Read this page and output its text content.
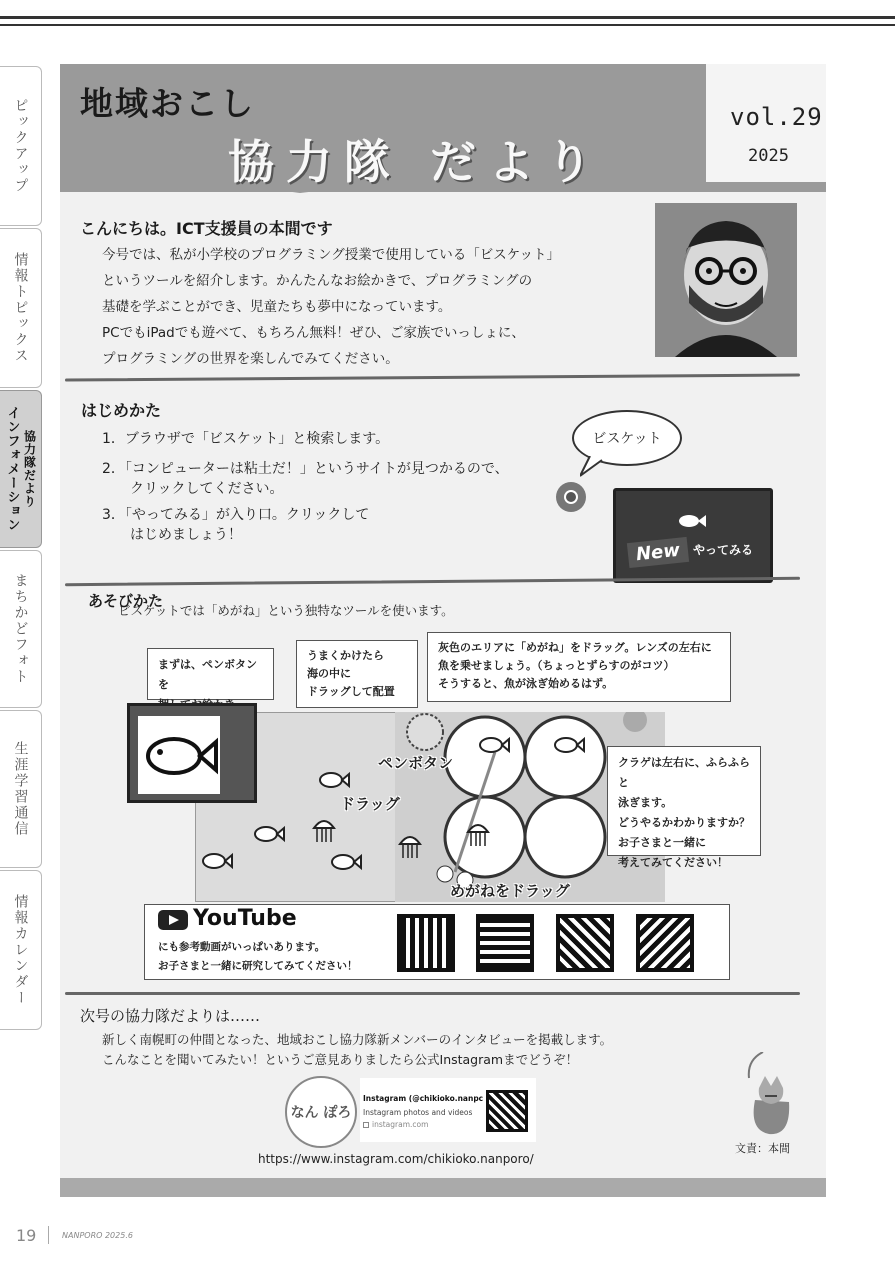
ピックアップ
情報トピックス
インフォメーション 協力隊だより
まちかどフォト
生涯学習通信
情報カレンダー
地域おこし
協力隊 だより
vol.29
2025
こんにちは。ICT支援員の本間です
今号では、私が小学校のプログラミング授業で使用している「ビスケット」
というツールを紹介します。かんたんなお絵かきで、プログラミングの
基礎を学ぶことができ、児童たちも夢中になっています。
PCでもiPadでも遊べて、もちろん無料！ぜひ、ご家族でいっしょに、
プログラミングの世界を楽しんでみてください。
はじめかた
1．ブラウザで「ビスケット」と検索します。
2．「コンピューターは粘土だ！」というサイトが見つかるので、
クリックしてください。
3．「やってみる」が入り口。クリックして
はじめましょう！
ビスケット
New	やってみる
あそびかた
ビスケットでは「めがね」という独特なツールを使います。
まずは、ペンボタンを
うまくかけたら
海の中に
ドラッグして配置
灰色のエリアに「めがね」をドラッグ。レンズの左右に
魚を乗せましょう。（ちょっとずらすのがコツ）
そうすると、魚が泳ぎ始めるはず。
ペンボタン
ドラッグ
めがねをドラッグ
クラゲは左右に、ふらふらと
泳ぎます。
どうやるかわかりますか？
お子さまと一緒に
考えてみてください！
YouTube
にも参考動画がいっぱいあります。
お子さまと一緒に研究してみてください！
次号の協力隊だよりは……
新しく南幌町の仲間となった、地域おこし協力隊新メンバーのインタビューを掲載します。
こんなことを聞いてみたい！というご意見ありましたら公式Instagramまでどうぞ！
なん ぽろ
Instagram (@chikioko.nanpc
Instagram photos and videos
instagram.com
https://www.instagram.com/chikioko.nanporo/
文責：本間
19	NANPORO 2025.6
